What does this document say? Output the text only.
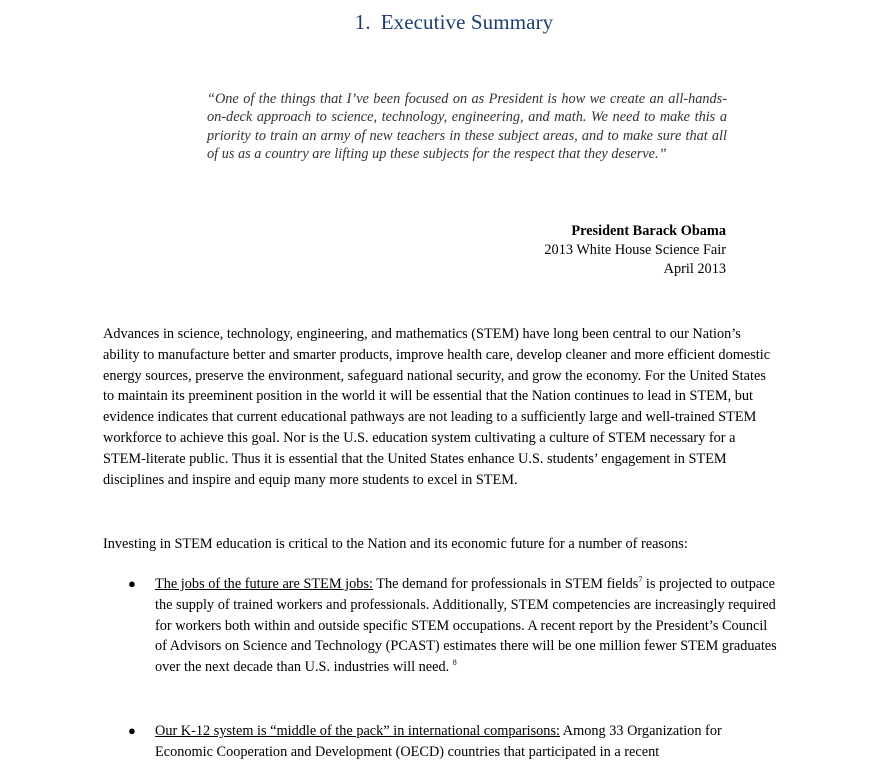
1. Executive Summary

“One of the things that I’ve been focused on as President is how we create an all-hands-on-deck approach to science, technology, engineering, and math. We need to make this a priority to train an army of new teachers in these subject areas, and to make sure that all of us as a country are lifting up these subjects for the respect that they deserve.”

President Barack Obama
2013 White House Science Fair
April 2013

Advances in science, technology, engineering, and mathematics (STEM) have long been central to our Nation’s ability to manufacture better and smarter products, improve health care, develop cleaner and more efficient domestic energy sources, preserve the environment, safeguard national security, and grow the economy. For the United States to maintain its preeminent position in the world it will be essential that the Nation continues to lead in STEM, but evidence indicates that current educational pathways are not leading to a sufficiently large and well-trained STEM workforce to achieve this goal. Nor is the U.S. education system cultivating a culture of STEM necessary for a STEM-literate public. Thus it is essential that the United States enhance U.S. students’ engagement in STEM disciplines and inspire and equip many more students to excel in STEM.

Investing in STEM education is critical to the Nation and its economic future for a number of reasons:

● The jobs of the future are STEM jobs: The demand for professionals in STEM fields$^7$ is projected to outpace the supply of trained workers and professionals. Additionally, STEM competencies are increasingly required for workers both within and outside specific STEM occupations. A recent report by the President’s Council of Advisors on Science and Technology (PCAST) estimates there will be one million fewer STEM graduates over the next decade than U.S. industries will need. $^8$
● Our K-12 system is “middle of the pack” in international comparisons: Among 33 Organization for Economic Cooperation and Development (OECD) countries that participated in a recent
